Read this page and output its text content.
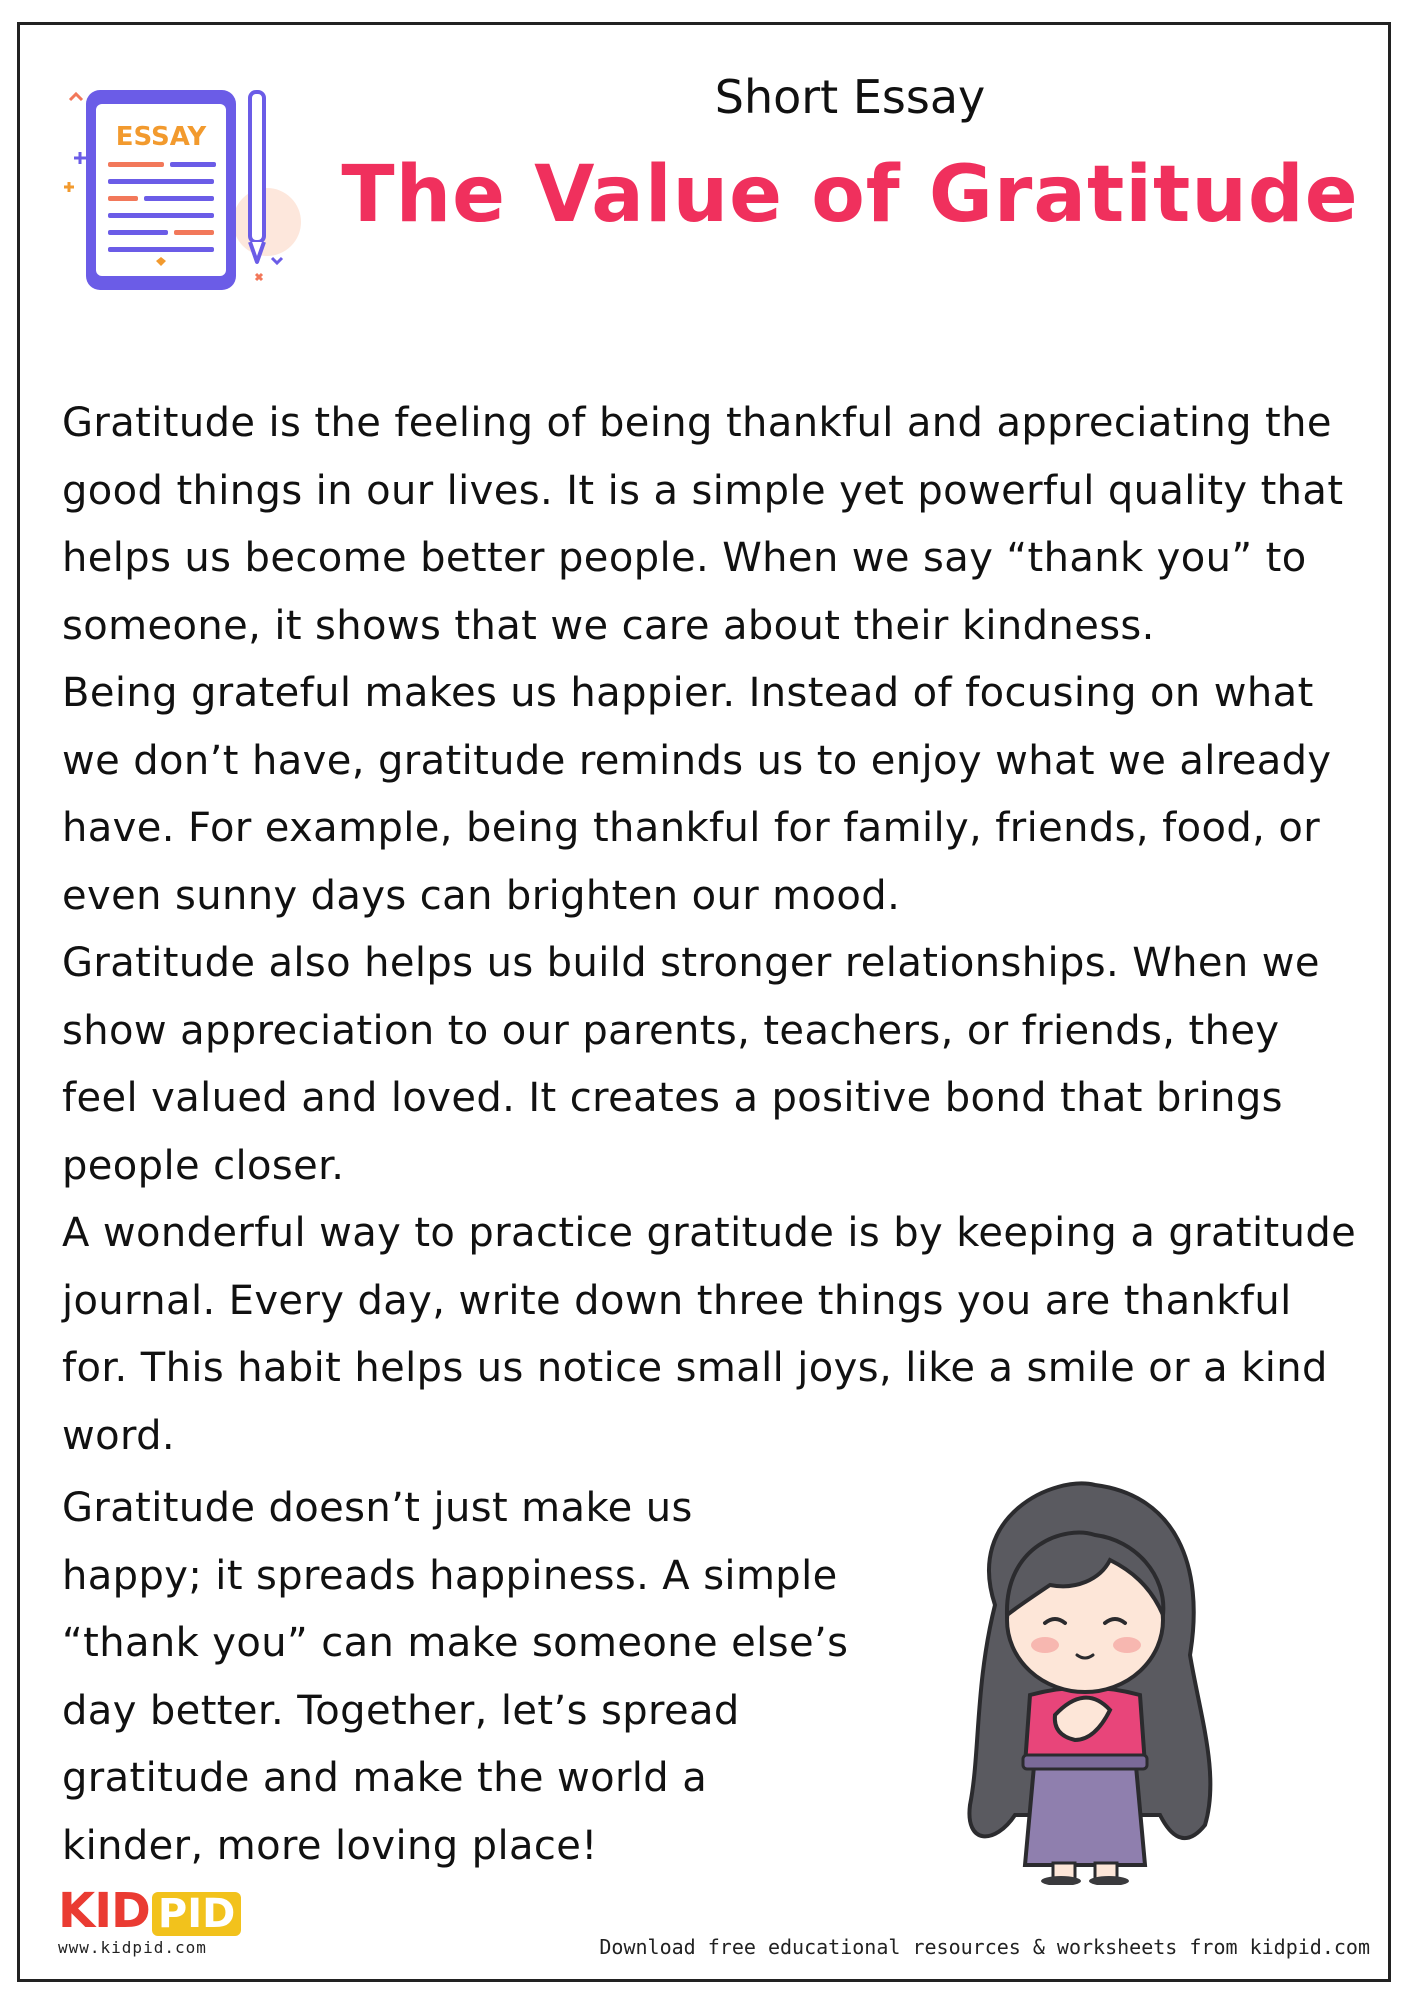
ESSAY
Short Essay
The Value of Gratitude

Gratitude is the feeling of being thankful and appreciating the good things in our lives. It is a simple yet powerful quality that helps us become better people. When we say “thank you” to someone, it shows that we care about their kindness.

Being grateful makes us happier. Instead of focusing on what we don’t have, gratitude reminds us to enjoy what we already have. For example, being thankful for family, friends, food, or even sunny days can brighten our mood.

Gratitude also helps us build stronger relationships. When we show appreciation to our parents, teachers, or friends, they feel valued and loved. It creates a positive bond that brings people closer.

A wonderful way to practice gratitude is by keeping a gratitude journal. Every day, write down three things you are thankful for. This habit helps us notice small joys, like a smile or a kind word.

Gratitude doesn’t just make us
happy; it spreads happiness. A simple
“thank you” can make someone else’s
day better. Together, let’s spread
gratitude and make the world a
kinder, more loving place!
KID PID
www.kidpid.com	Download free educational resources & worksheets from kidpid.com
